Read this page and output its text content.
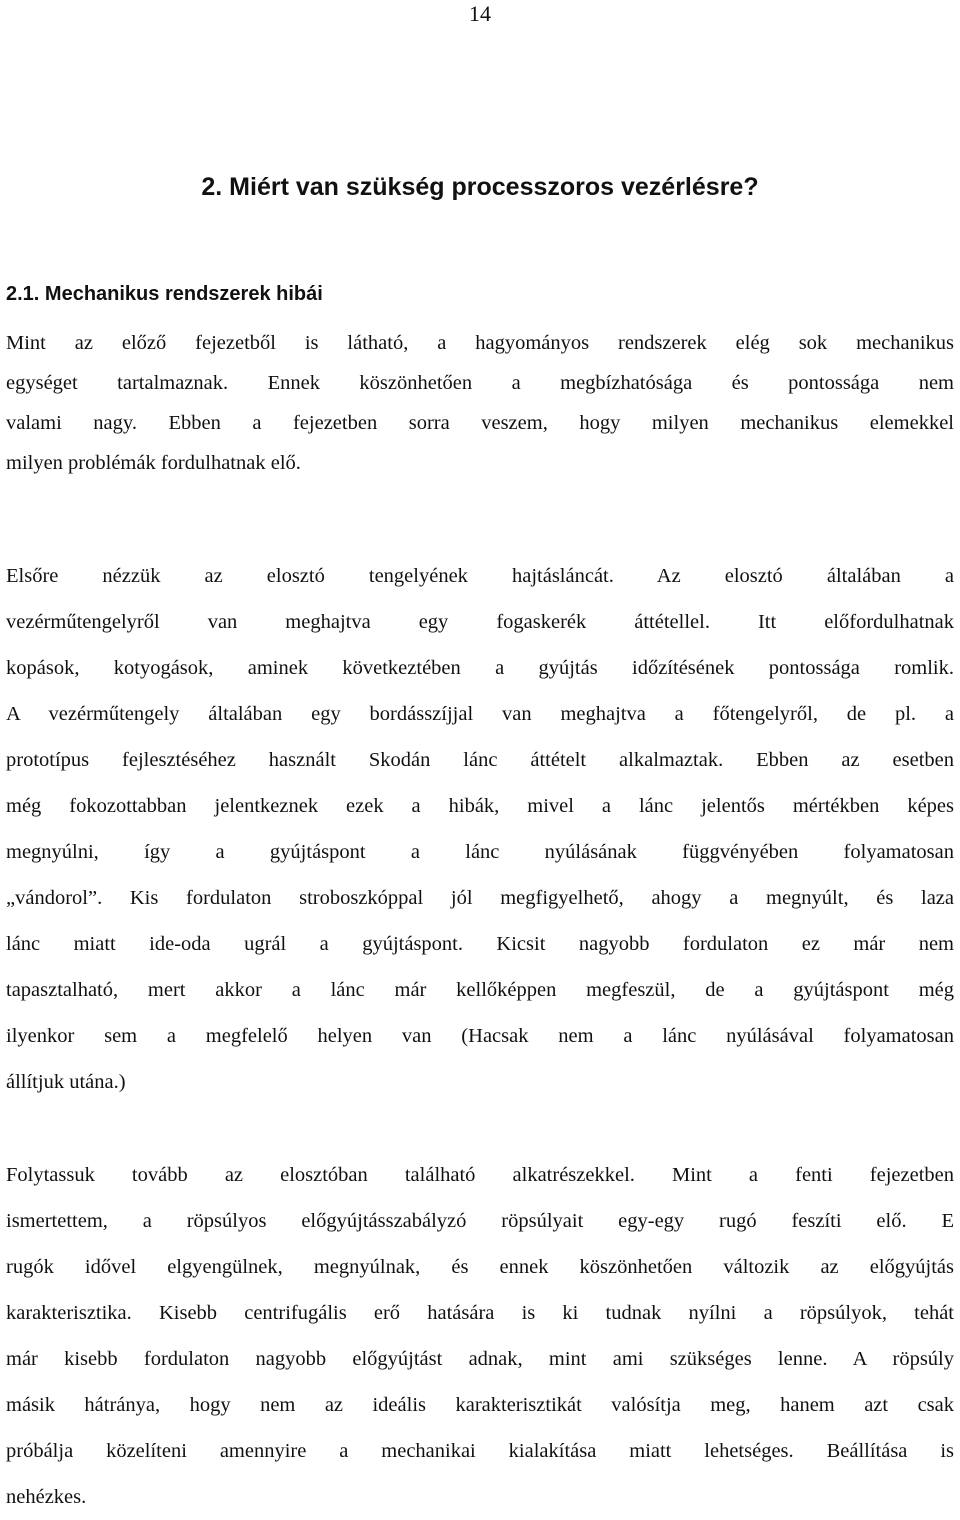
14
2. Miért van szükség processzoros vezérlésre?
2.1. Mechanikus rendszerek hibái

Mint az előző fejezetből is látható, a hagyományos rendszerek elég sok mechanikus
egységet tartalmaznak. Ennek köszönhetően a megbízhatósága és pontossága nem
valami nagy. Ebben a fejezetben sorra veszem, hogy milyen mechanikus elemekkel
milyen problémák fordulhatnak elő.

Elsőre nézzük az elosztó tengelyének hajtásláncát. Az elosztó általában a
vezérműtengelyről van meghajtva egy fogaskerék áttétellel. Itt előfordulhatnak
kopások, kotyogások, aminek következtében a gyújtás időzítésének pontossága romlik.
A vezérműtengely általában egy bordásszíjjal van meghajtva a főtengelyről, de pl. a
prototípus fejlesztéséhez használt Skodán lánc áttételt alkalmaztak. Ebben az esetben
még fokozottabban jelentkeznek ezek a hibák, mivel a lánc jelentős mértékben képes
megnyúlni, így a gyújtáspont a lánc nyúlásának függvényében folyamatosan
„vándorol”. Kis fordulaton stroboszkóppal jól megfigyelhető, ahogy a megnyúlt, és laza
lánc miatt ide-oda ugrál a gyújtáspont. Kicsit nagyobb fordulaton ez már nem
tapasztalható, mert akkor a lánc már kellőképpen megfeszül, de a gyújtáspont még
ilyenkor sem a megfelelő helyen van (Hacsak nem a lánc nyúlásával folyamatosan
állítjuk utána.)

Folytassuk tovább az elosztóban található alkatrészekkel. Mint a fenti fejezetben
ismertettem, a röpsúlyos előgyújtásszabályzó röpsúlyait egy-egy rugó feszíti elő. E
rugók idővel elgyengülnek, megnyúlnak, és ennek köszönhetően változik az előgyújtás
karakterisztika. Kisebb centrifugális erő hatására is ki tudnak nyílni a röpsúlyok, tehát
már kisebb fordulaton nagyobb előgyújtást adnak, mint ami szükséges lenne. A röpsúly
másik hátránya, hogy nem az ideális karakterisztikát valósítja meg, hanem azt csak
próbálja közelíteni amennyire a mechanikai kialakítása miatt lehetséges. Beállítása is
nehézkes.
